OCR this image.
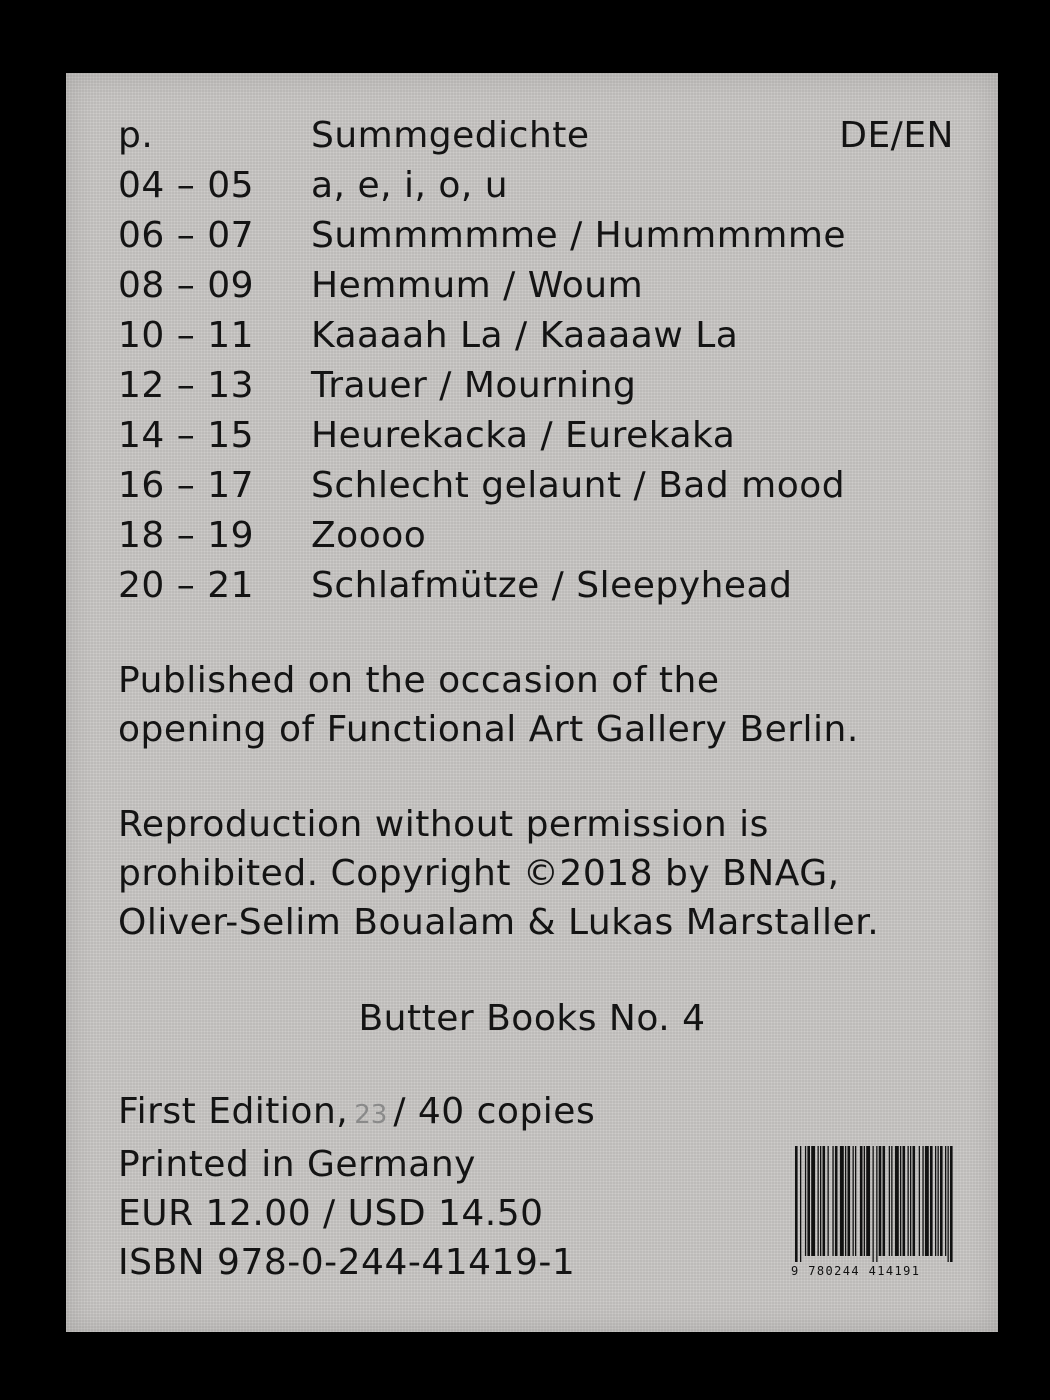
p.	Summgedichte	DE/EN
04 – 05 a, e, i, o, u
06 – 07 Summmmme / Hummmmme
08 – 09 Hemmum / Woum
10 – 11 Kaaaah La / Kaaaaw La
12 – 13 Trauer / Mourning
14 – 15 Heurekacka / Eurekaka
16 – 17 Schlecht gelaunt / Bad mood
18 – 19 Zoooo
20 – 21 Schlafmütze / Sleepyhead
Published on the occasion of the
opening of Functional Art Gallery Berlin.
Reproduction without permission is
prohibited. Copyright ©2018 by BNAG,
Oliver-Selim Boualam & Lukas Marstaller.
Butter Books No. 4
First Edition, 23 / 40 copies
Printed in Germany
EUR 12.00 / USD 14.50
ISBN 978-0-244-41419-1	9 780244 414191
